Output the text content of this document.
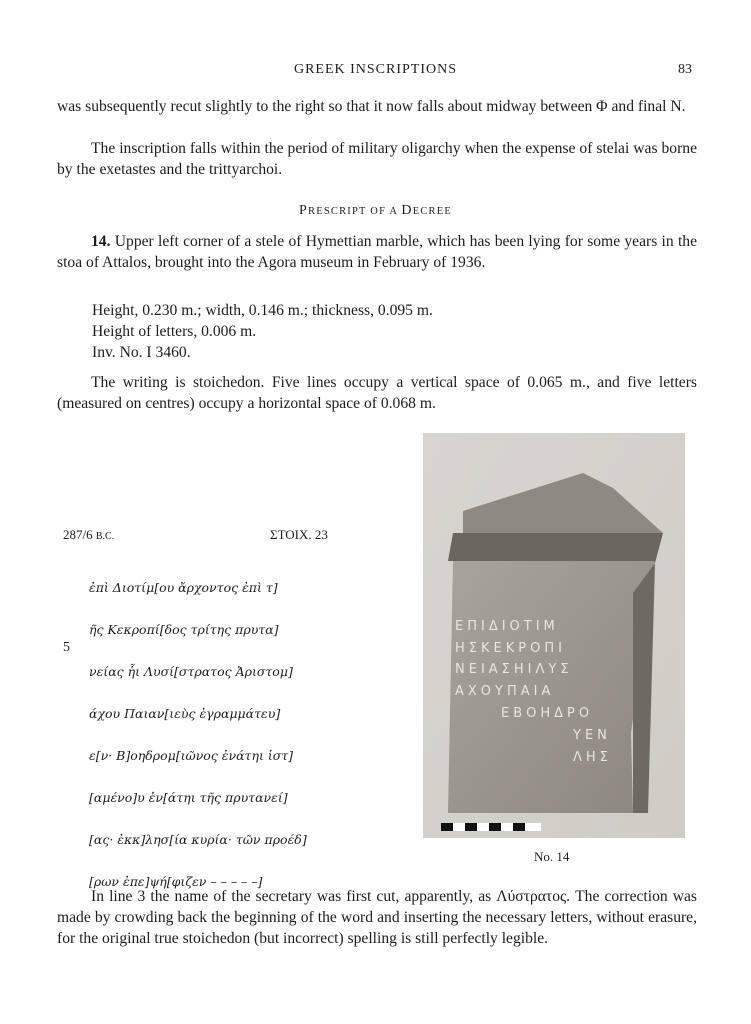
GREEK INSCRIPTIONS	83
was subsequently recut slightly to the right so that it now falls about midway between Φ and final N.
The inscription falls within the period of military oligarchy when the expense of stelai was borne by the exetastes and the trittyarchoi.
PRESCRIPT OF A DECREE
14. Upper left corner of a stele of Hymettian marble, which has been lying for some years in the stoa of Attalos, brought into the Agora museum in February of 1936.
Height, 0.230 m.; width, 0.146 m.; thickness, 0.095 m.
Height of letters, 0.006 m.
Inv. No. I 3460.
The writing is stoichedon. Five lines occupy a vertical space of 0.065 m., and five letters (measured on centres) occupy a horizontal space of 0.068 m.
287/6 B.C.	ΣΤΟΙΧ. 23

ἐπὶ Διοτίμ[ου ἄρχοντος ἐπὶ τ]

ῆς Κεκροπί[δος τρίτης πρυτα]

νείας ἧι Λυσί[στρατος Ἀριστομ]

άχου Παιαν[ιεὺς ἐγραμμάτευ]

ε[ν· Β]οηδρομ[ιῶνος ἐνάτηι ἱστ]

[αμένο]υ ἐν[άτηι τῆς πρυτανεί]

[ας· ἐκκ]λησ[ία κυρία· τῶν προέδ]

[ρων ἐπε]ψή[φιζεν – – – – –]

5
ΕΠΙΔΙΟΤΙΜ
ΗΣΚΕΚΡΟΠΙ
ΝΕΙΑΣΗΙΛΥΣ
ΑΧΟΥΠΑΙΑ
ΕΒΟΗΔΡΟ
ΥΕΝ
ΛΗΣ
No. 14
In line 3 the name of the secretary was first cut, apparently, as Λύστρατος. The correction was made by crowding back the beginning of the word and inserting the necessary letters, without erasure, for the original true stoichedon (but incorrect) spelling is still perfectly legible.
